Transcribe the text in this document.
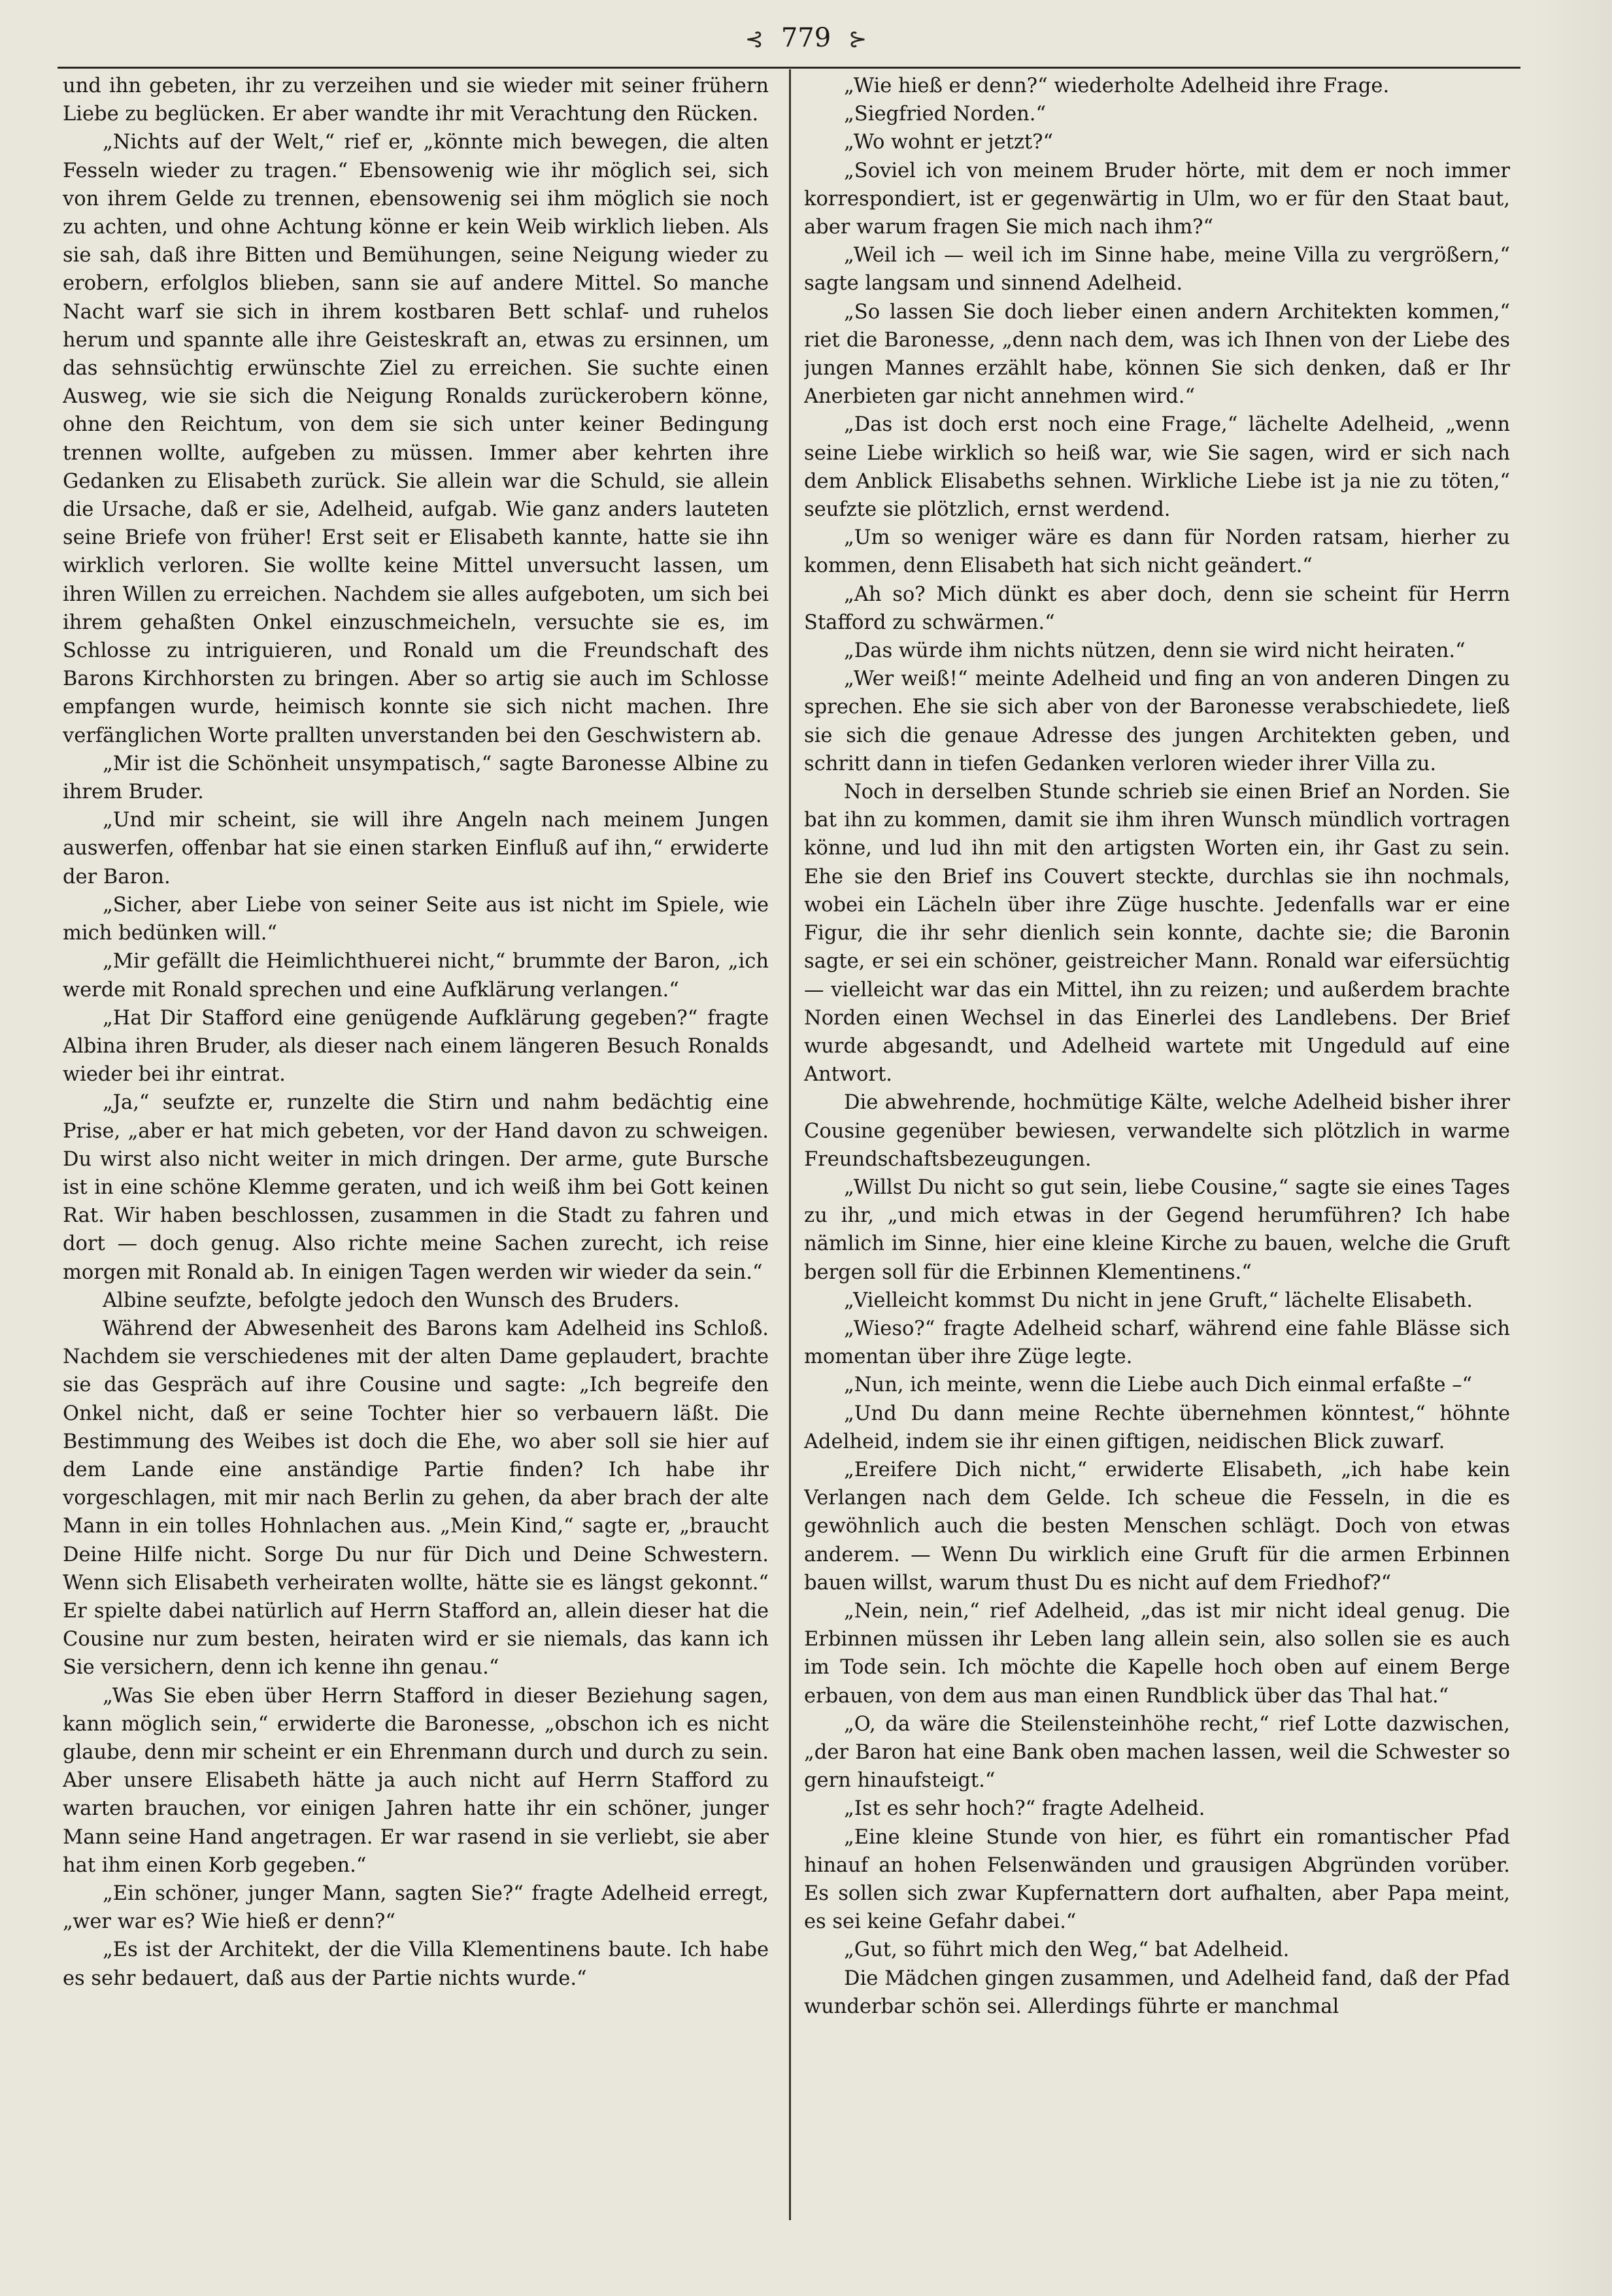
⊰ 779 ⊱

und ihn gebeten, ihr zu verzeihen und sie wieder mit seiner frühern Liebe zu beglücken. Er aber wandte ihr mit Verachtung den Rücken.

„Nichts auf der Welt,“ rief er, „könnte mich bewegen, die alten Fesseln wieder zu tragen.“ Ebensowenig wie ihr möglich sei, sich von ihrem Gelde zu trennen, ebensowenig sei ihm möglich sie noch zu achten, und ohne Achtung könne er kein Weib wirklich lieben. Als sie sah, daß ihre Bitten und Bemühungen, seine Neigung wieder zu erobern, erfolglos blieben, sann sie auf andere Mittel. So manche Nacht warf sie sich in ihrem kostbaren Bett schlaf- und ruhelos herum und spannte alle ihre Geisteskraft an, etwas zu ersinnen, um das sehnsüchtig erwünschte Ziel zu erreichen. Sie suchte einen Ausweg, wie sie sich die Neigung Ronalds zurückerobern könne, ohne den Reichtum, von dem sie sich unter keiner Bedingung trennen wollte, aufgeben zu müssen. Immer aber kehrten ihre Gedanken zu Elisabeth zurück. Sie allein war die Schuld, sie allein die Ursache, daß er sie, Adelheid, aufgab. Wie ganz anders lauteten seine Briefe von früher! Erst seit er Elisabeth kannte, hatte sie ihn wirklich verloren. Sie wollte keine Mittel unversucht lassen, um ihren Willen zu erreichen. Nachdem sie alles aufgeboten, um sich bei ihrem gehaßten Onkel einzuschmeicheln, versuchte sie es, im Schlosse zu intriguieren, und Ronald um die Freundschaft des Barons Kirchhorsten zu bringen. Aber so artig sie auch im Schlosse empfangen wurde, heimisch konnte sie sich nicht machen. Ihre verfänglichen Worte prallten unverstanden bei den Geschwistern ab.

„Mir ist die Schönheit unsympatisch,“ sagte Baronesse Albine zu ihrem Bruder.

„Und mir scheint, sie will ihre Angeln nach meinem Jungen auswerfen, offenbar hat sie einen starken Einfluß auf ihn,“ erwiderte der Baron.

„Sicher, aber Liebe von seiner Seite aus ist nicht im Spiele, wie mich bedünken will.“

„Mir gefällt die Heimlichthuerei nicht,“ brummte der Baron, „ich werde mit Ronald sprechen und eine Aufklärung verlangen.“

„Hat Dir Stafford eine genügende Aufklärung gegeben?“ fragte Albina ihren Bruder, als dieser nach einem längeren Besuch Ronalds wieder bei ihr eintrat.

„Ja,“ seufzte er, runzelte die Stirn und nahm bedächtig eine Prise, „aber er hat mich gebeten, vor der Hand davon zu schweigen. Du wirst also nicht weiter in mich dringen. Der arme, gute Bursche ist in eine schöne Klemme geraten, und ich weiß ihm bei Gott keinen Rat. Wir haben beschlossen, zusammen in die Stadt zu fahren und dort — doch genug. Also richte meine Sachen zurecht, ich reise morgen mit Ronald ab. In einigen Tagen werden wir wieder da sein.“

Albine seufzte, befolgte jedoch den Wunsch des Bruders.

Während der Abwesenheit des Barons kam Adelheid ins Schloß. Nachdem sie verschiedenes mit der alten Dame geplaudert, brachte sie das Gespräch auf ihre Cousine und sagte: „Ich begreife den Onkel nicht, daß er seine Tochter hier so verbauern läßt. Die Bestimmung des Weibes ist doch die Ehe, wo aber soll sie hier auf dem Lande eine anständige Partie finden? Ich habe ihr vorgeschlagen, mit mir nach Berlin zu gehen, da aber brach der alte Mann in ein tolles Hohnlachen aus. „Mein Kind,“ sagte er, „braucht Deine Hilfe nicht. Sorge Du nur für Dich und Deine Schwestern. Wenn sich Elisabeth verheiraten wollte, hätte sie es längst gekonnt.“ Er spielte dabei natürlich auf Herrn Stafford an, allein dieser hat die Cousine nur zum besten, heiraten wird er sie niemals, das kann ich Sie versichern, denn ich kenne ihn genau.“

„Was Sie eben über Herrn Stafford in dieser Beziehung sagen, kann möglich sein,“ erwiderte die Baronesse, „obschon ich es nicht glaube, denn mir scheint er ein Ehrenmann durch und durch zu sein. Aber unsere Elisabeth hätte ja auch nicht auf Herrn Stafford zu warten brauchen, vor einigen Jahren hatte ihr ein schöner, junger Mann seine Hand angetragen. Er war rasend in sie verliebt, sie aber hat ihm einen Korb gegeben.“

„Ein schöner, junger Mann, sagten Sie?“ fragte Adelheid erregt, „wer war es? Wie hieß er denn?“

„Es ist der Architekt, der die Villa Klementinens baute. Ich habe es sehr bedauert, daß aus der Partie nichts wurde.“

„Wie hieß er denn?“ wiederholte Adelheid ihre Frage.

„Siegfried Norden.“

„Wo wohnt er jetzt?“

„Soviel ich von meinem Bruder hörte, mit dem er noch immer korrespondiert, ist er gegenwärtig in Ulm, wo er für den Staat baut, aber warum fragen Sie mich nach ihm?“

„Weil ich — weil ich im Sinne habe, meine Villa zu vergrößern,“ sagte langsam und sinnend Adelheid.

„So lassen Sie doch lieber einen andern Architekten kommen,“ riet die Baronesse, „denn nach dem, was ich Ihnen von der Liebe des jungen Mannes erzählt habe, können Sie sich denken, daß er Ihr Anerbieten gar nicht annehmen wird.“

„Das ist doch erst noch eine Frage,“ lächelte Adelheid, „wenn seine Liebe wirklich so heiß war, wie Sie sagen, wird er sich nach dem Anblick Elisabeths sehnen. Wirkliche Liebe ist ja nie zu töten,“ seufzte sie plötzlich, ernst werdend.

„Um so weniger wäre es dann für Norden ratsam, hierher zu kommen, denn Elisabeth hat sich nicht geändert.“

„Ah so? Mich dünkt es aber doch, denn sie scheint für Herrn Stafford zu schwärmen.“

„Das würde ihm nichts nützen, denn sie wird nicht heiraten.“

„Wer weiß!“ meinte Adelheid und fing an von anderen Dingen zu sprechen. Ehe sie sich aber von der Baronesse verabschiedete, ließ sie sich die genaue Adresse des jungen Architekten geben, und schritt dann in tiefen Gedanken verloren wieder ihrer Villa zu.

Noch in derselben Stunde schrieb sie einen Brief an Norden. Sie bat ihn zu kommen, damit sie ihm ihren Wunsch mündlich vortragen könne, und lud ihn mit den artigsten Worten ein, ihr Gast zu sein. Ehe sie den Brief ins Couvert steckte, durchlas sie ihn nochmals, wobei ein Lächeln über ihre Züge huschte. Jedenfalls war er eine Figur, die ihr sehr dienlich sein konnte, dachte sie; die Baronin sagte, er sei ein schöner, geistreicher Mann. Ronald war eifersüchtig — vielleicht war das ein Mittel, ihn zu reizen; und außerdem brachte Norden einen Wechsel in das Einerlei des Landlebens. Der Brief wurde abgesandt, und Adelheid wartete mit Ungeduld auf eine Antwort.

Die abwehrende, hochmütige Kälte, welche Adelheid bisher ihrer Cousine gegenüber bewiesen, verwandelte sich plötzlich in warme Freundschaftsbezeugungen.

„Willst Du nicht so gut sein, liebe Cousine,“ sagte sie eines Tages zu ihr, „und mich etwas in der Gegend herumführen? Ich habe nämlich im Sinne, hier eine kleine Kirche zu bauen, welche die Gruft bergen soll für die Erbinnen Klementinens.“

„Vielleicht kommst Du nicht in jene Gruft,“ lächelte Elisabeth.

„Wieso?“ fragte Adelheid scharf, während eine fahle Blässe sich momentan über ihre Züge legte.

„Nun, ich meinte, wenn die Liebe auch Dich einmal erfaßte –“

„Und Du dann meine Rechte übernehmen könntest,“ höhnte Adelheid, indem sie ihr einen giftigen, neidischen Blick zuwarf.

„Ereifere Dich nicht,“ erwiderte Elisabeth, „ich habe kein Verlangen nach dem Gelde. Ich scheue die Fesseln, in die es gewöhnlich auch die besten Menschen schlägt. Doch von etwas anderem. — Wenn Du wirklich eine Gruft für die armen Erbinnen bauen willst, warum thust Du es nicht auf dem Friedhof?“

„Nein, nein,“ rief Adelheid, „das ist mir nicht ideal genug. Die Erbinnen müssen ihr Leben lang allein sein, also sollen sie es auch im Tode sein. Ich möchte die Kapelle hoch oben auf einem Berge erbauen, von dem aus man einen Rundblick über das Thal hat.“

„O, da wäre die Steilensteinhöhe recht,“ rief Lotte dazwischen, „der Baron hat eine Bank oben machen lassen, weil die Schwester so gern hinaufsteigt.“

„Ist es sehr hoch?“ fragte Adelheid.

„Eine kleine Stunde von hier, es führt ein romantischer Pfad hinauf an hohen Felsenwänden und grausigen Abgründen vorüber. Es sollen sich zwar Kupfernattern dort aufhalten, aber Papa meint, es sei keine Gefahr dabei.“

„Gut, so führt mich den Weg,“ bat Adelheid.

Die Mädchen gingen zusammen, und Adelheid fand, daß der Pfad wunderbar schön sei. Allerdings führte er manchmal
